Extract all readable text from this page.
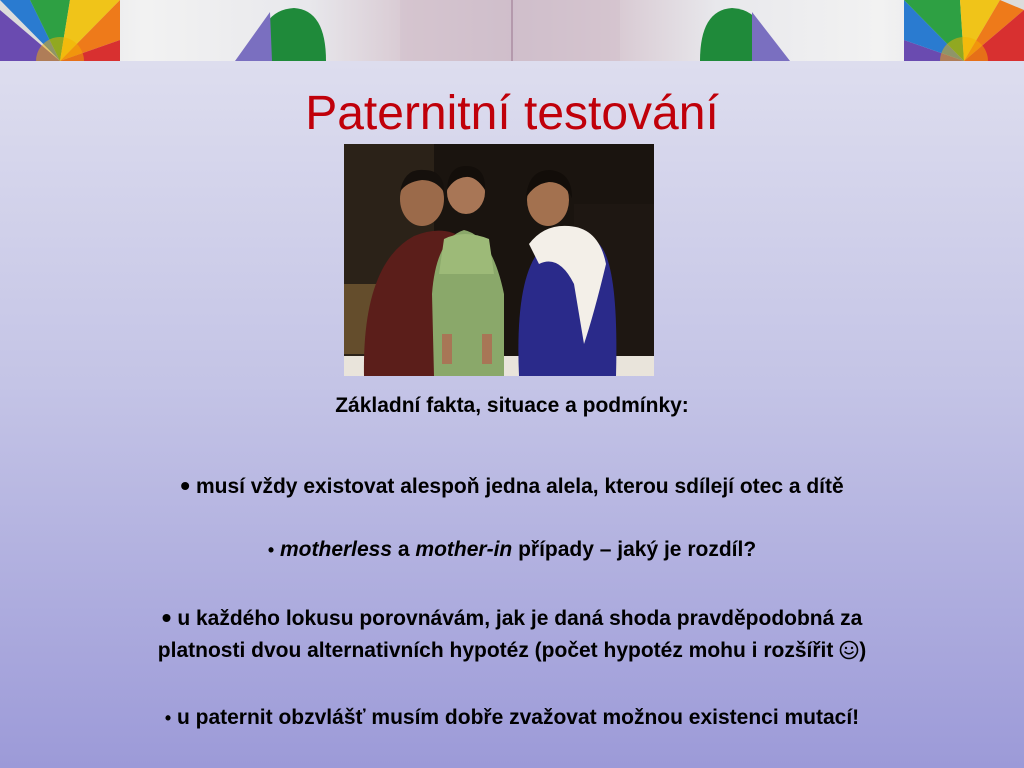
Paternitní testování
Základní fakta, situace a podmínky:
• musí vždy existovat alespoň jedna alela, kterou sdílejí otec a dítě
• motherless a mother-in případy – jaký je rozdíl?
• u každého lokusu porovnávám, jak je daná shoda pravděpodobná za
platnosti dvou alternativních hypotéz (počet hypotéz mohu i rozšířit )
• u paternit obzvlášť musím dobře zvažovat možnou existenci mutací!
